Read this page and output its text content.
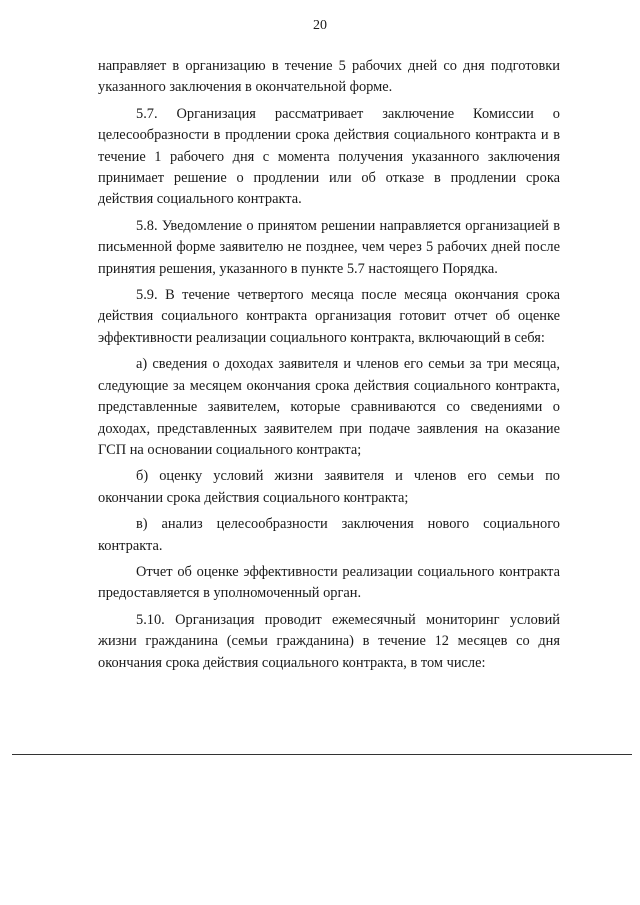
20

направляет в организацию в течение 5 рабочих дней со дня подготовки указанного заключения в окончательной форме.

5.7. Организация рассматривает заключение Комиссии о целесообразности в продлении срока действия социального контракта и в течение 1 рабочего дня с момента получения указанного заключения принимает решение о продлении или об отказе в продлении срока действия социального контракта.

5.8. Уведомление о принятом решении направляется организацией в письменной форме заявителю не позднее, чем через 5 рабочих дней после принятия решения, указанного в пункте 5.7 настоящего Порядка.

5.9. В течение четвертого месяца после месяца окончания срока действия социального контракта организация готовит отчет об оценке эффективности реализации социального контракта, включающий в себя:

а) сведения о доходах заявителя и членов его семьи за три месяца, следующие за месяцем окончания срока действия социального контракта, представленные заявителем, которые сравниваются со сведениями о доходах, представленных заявителем при подаче заявления на оказание ГСП на основании социального контракта;

б) оценку условий жизни заявителя и членов его семьи по окончании срока действия социального контракта;

в) анализ целесообразности заключения нового социального контракта.

Отчет об оценке эффективности реализации социального контракта предоставляется в уполномоченный орган.

5.10. Организация проводит ежемесячный мониторинг условий жизни гражданина (семьи гражданина) в течение 12 месяцев со дня окончания срока действия социального контракта, в том числе:
